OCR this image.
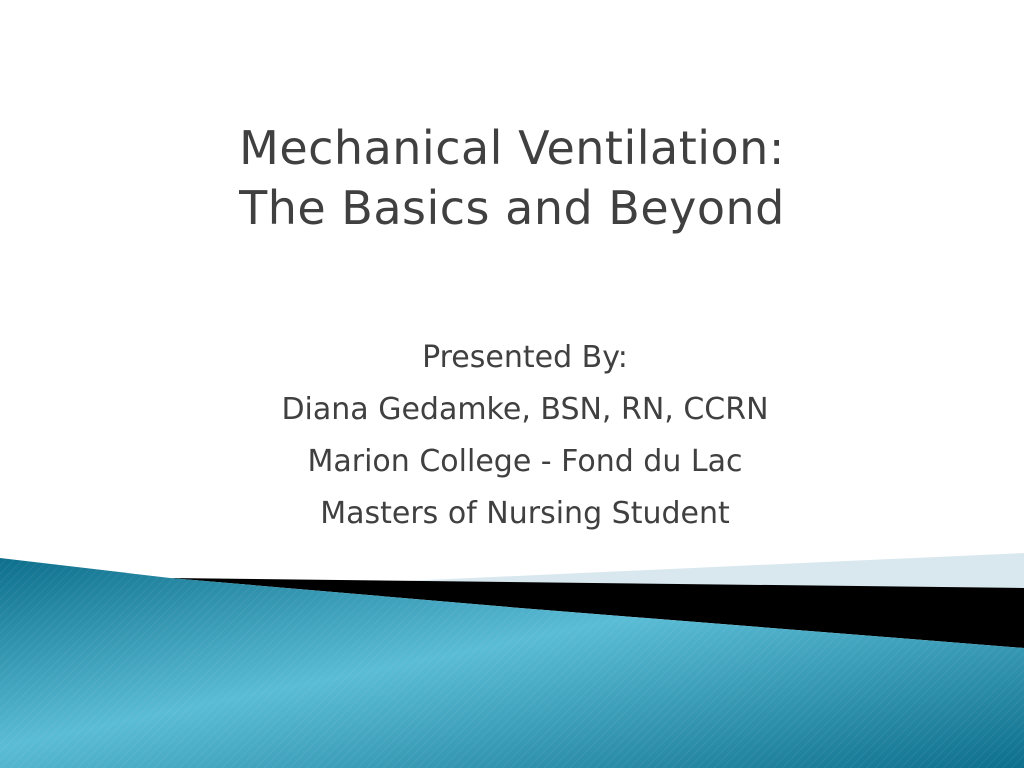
Mechanical Ventilation:
The Basics and Beyond
Presented By:
Diana Gedamke, BSN, RN, CCRN
Marion College - Fond du Lac
Masters of Nursing Student
